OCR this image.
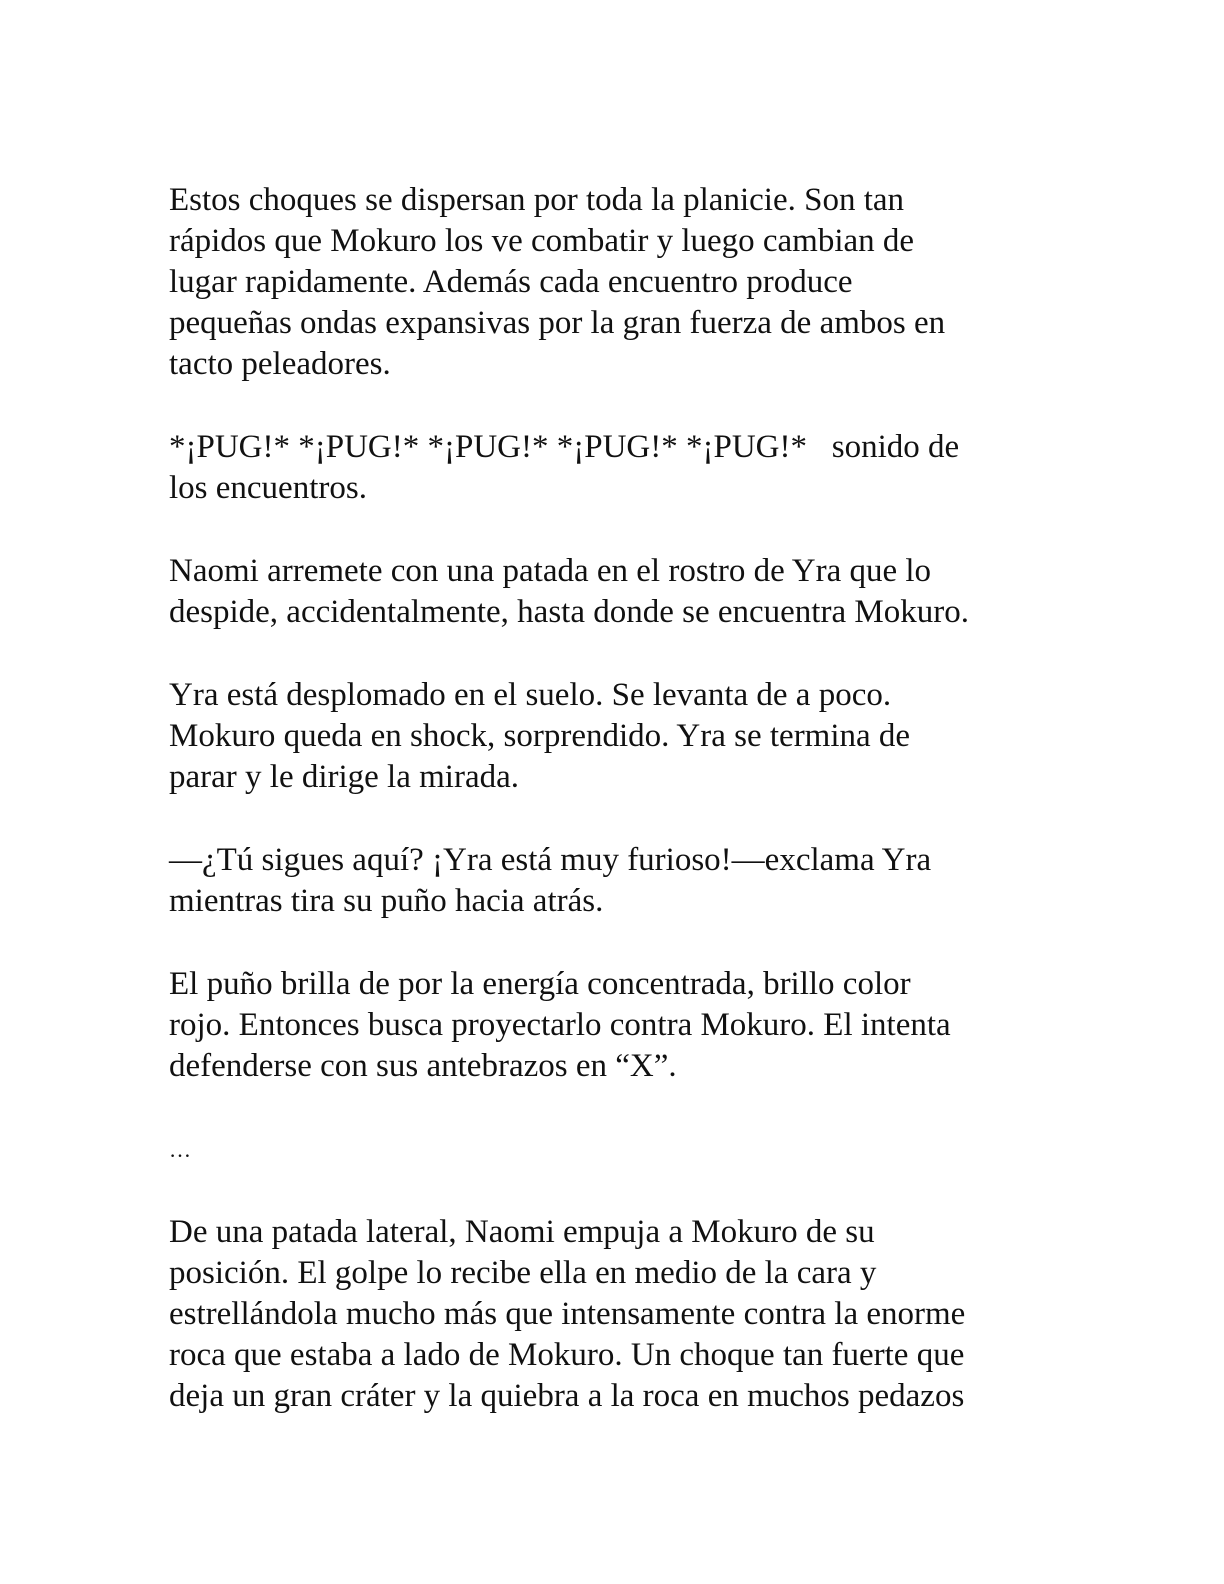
Estos choques se dispersan por toda la planicie. Son tan
rápidos que Mokuro los ve combatir y luego cambian de
lugar rapidamente. Además cada encuentro produce
pequeñas ondas expansivas por la gran fuerza de ambos en
tacto peleadores.

*¡PUG!* *¡PUG!* *¡PUG!* *¡PUG!* *¡PUG!*   sonido de
los encuentros.

Naomi arremete con una patada en el rostro de Yra que lo
despide, accidentalmente, hasta donde se encuentra Mokuro.

Yra está desplomado en el suelo. Se levanta de a poco.
Mokuro queda en shock, sorprendido. Yra se termina de
parar y le dirige la mirada.

—¿Tú sigues aquí? ¡Yra está muy furioso!—exclama Yra
mientras tira su puño hacia atrás.

El puño brilla de por la energía concentrada, brillo color
rojo. Entonces busca proyectarlo contra Mokuro. El intenta
defenderse con sus antebrazos en “X”.

…

De una patada lateral, Naomi empuja a Mokuro de su
posición. El golpe lo recibe ella en medio de la cara y
estrellándola mucho más que intensamente contra la enorme
roca que estaba a lado de Mokuro. Un choque tan fuerte que
deja un gran cráter y la quiebra a la roca en muchos pedazos
